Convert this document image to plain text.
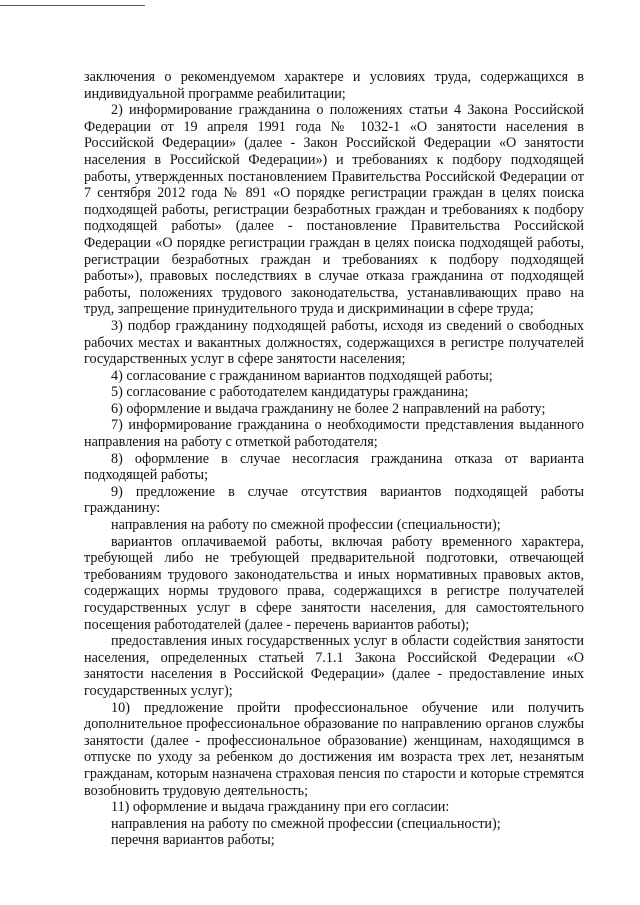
заключения о рекомендуемом характере и условиях труда, содержащихся в индивидуальной программе реабилитации;

2) информирование гражданина о положениях статьи 4 Закона Российской Федерации от 19 апреля 1991 года № 1032-1 «О занятости населения в Российской Федерации» (далее - Закон Российской Федерации «О занятости населения в Российской Федерации») и требованиях к подбору подходящей работы, утвержденных постановлением Правительства Российской Федерации от 7 сентября 2012 года № 891 «О порядке регистрации граждан в целях поиска подходящей работы, регистрации безработных граждан и требованиях к подбору подходящей работы» (далее - постановление Правительства Российской Федерации «О порядке регистрации граждан в целях поиска подходящей работы, регистрации безработных граждан и требованиях к подбору подходящей работы»), правовых последствиях в случае отказа гражданина от подходящей работы, положениях трудового законодательства, устанавливающих право на труд, запрещение принудительного труда и дискриминации в сфере труда;

3) подбор гражданину подходящей работы, исходя из сведений о свободных рабочих местах и вакантных должностях, содержащихся в регистре получателей государственных услуг в сфере занятости населения;

4) согласование с гражданином вариантов подходящей работы;

5) согласование с работодателем кандидатуры гражданина;

6) оформление и выдача гражданину не более 2 направлений на работу;

7) информирование гражданина о необходимости представления выданного направления на работу с отметкой работодателя;

8) оформление в случае несогласия гражданина отказа от варианта подходящей работы;

9) предложение в случае отсутствия вариантов подходящей работы гражданину:

направления на работу по смежной профессии (специальности);

вариантов оплачиваемой работы, включая работу временного характера, требующей либо не требующей предварительной подготовки, отвечающей требованиям трудового законодательства и иных нормативных правовых актов, содержащих нормы трудового права, содержащихся в регистре получателей государственных услуг в сфере занятости населения, для самостоятельного посещения работодателей (далее - перечень вариантов работы);

предоставления иных государственных услуг в области содействия занятости населения, определенных статьей 7.1.1 Закона Российской Федерации «О занятости населения в Российской Федерации» (далее - предоставление иных государственных услуг);

10) предложение пройти профессиональное обучение или получить дополнительное профессиональное образование по направлению органов службы занятости (далее - профессиональное образование) женщинам, находящимся в отпуске по уходу за ребенком до достижения им возраста трех лет, незанятым гражданам, которым назначена страховая пенсия по старости и которые стремятся возобновить трудовую деятельность;

11) оформление и выдача гражданину при его согласии:

направления на работу по смежной профессии (специальности);

перечня вариантов работы;
